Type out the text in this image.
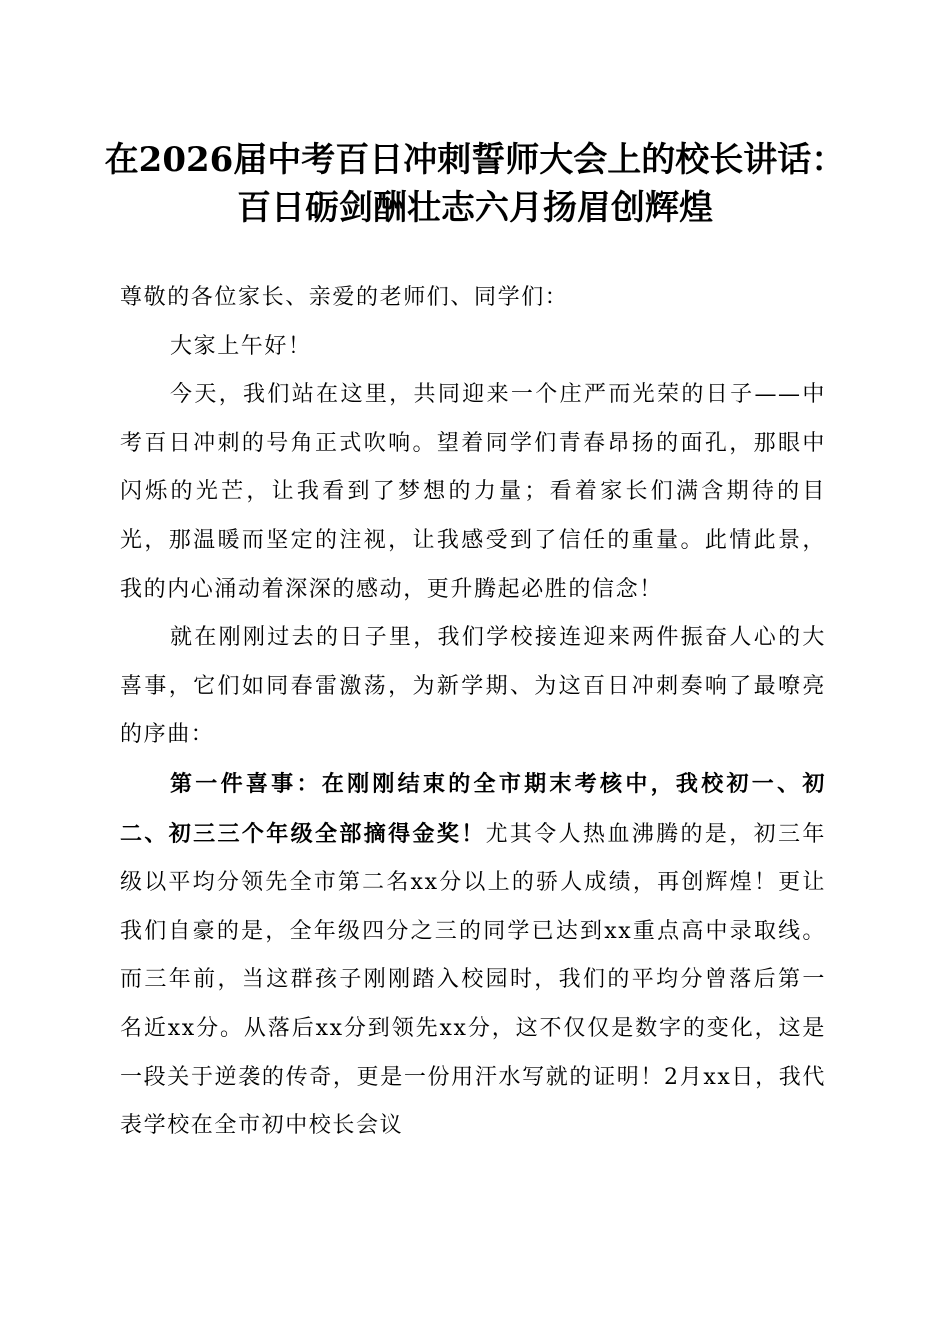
在2026届中考百日冲刺誓师大会上的校长讲话：百日砺剑酬壮志六月扬眉创辉煌

尊敬的各位家长、亲爱的老师们、同学们：

大家上午好！

今天，我们站在这里，共同迎来一个庄严而光荣的日子——中考百日冲刺的号角正式吹响。望着同学们青春昂扬的面孔，那眼中闪烁的光芒，让我看到了梦想的力量；看着家长们满含期待的目光，那温暖而坚定的注视，让我感受到了信任的重量。此情此景，我的内心涌动着深深的感动，更升腾起必胜的信念！

就在刚刚过去的日子里，我们学校接连迎来两件振奋人心的大喜事，它们如同春雷激荡，为新学期、为这百日冲刺奏响了最嘹亮的序曲：

第一件喜事：在刚刚结束的全市期末考核中，我校初一、初二、初三三个年级全部摘得金奖！尤其令人热血沸腾的是，初三年级以平均分领先全市第二名xx分以上的骄人成绩，再创辉煌！更让我们自豪的是，全年级四分之三的同学已达到xx重点高中录取线。而三年前，当这群孩子刚刚踏入校园时，我们的平均分曾落后第一名近xx分。从落后xx分到领先xx分，这不仅仅是数字的变化，这是一段关于逆袭的传奇，更是一份用汗水写就的证明！2月xx日，我代表学校在全市初中校长会议
